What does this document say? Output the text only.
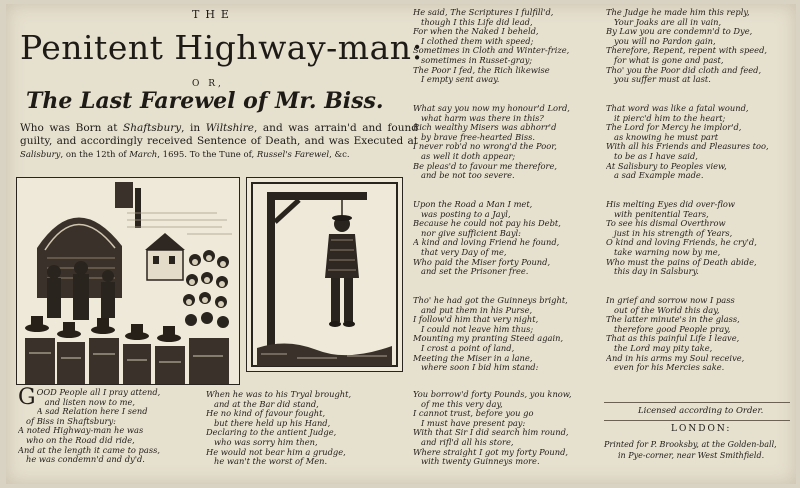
THE
Penitent Highway-man:
O R,
The Last Farewel of Mr. Biss.
Who was Born at Shaftsbury, in Wiltshire, and was arrain'd and found guilty, and accordingly received Sentence of Death, and was Executed at Salisbury, on the 12th of March, 1695. To the Tune of, Russel's Farewel, &c.
G OOD People all I pray attend,
and listen now to me,
A sad Relation here I send
of Biss in Shaftsbury:
A noted Highway-man he was
who on the Road did ride,
And at the length it came to pass,
he was condemn'd and dy'd.
When he was to his Tryal brought,
and at the Bar did stand,
He no kind of favour fought,
but there held up his Hand,
Declaring to the antient Judge,
who was sorry him then,
He would not bear him a grudge,
he wan't the worst of Men.
He said, The Scriptures I fulfill'd,
though I this Life did lead,
For when the Naked I beheld,
I clothed them with speed;
Sometimes in Cloth and Winter-frize,
sometimes in Russet-gray;
The Poor I fed, the Rich likewise
I empty sent away.
What say you now my honour'd Lord,
what harm was there in this?
Rich wealthy Misers was abhorr'd
by brave free-hearted Biss.
I never rob'd no wrong'd the Poor,
as well it doth appear;
Be pleas'd to favour me therefore,
and be not too severe.
Upon the Road a Man I met,
was posting to a Jayl,
Because he could not pay his Debt,
nor give sufficient Bayl:
A kind and loving Friend he found,
that very Day of me,
Who paid the Miser forty Pound,
and set the Prisoner free.
Tho' he had got the Guinneys bright,
and put them in his Purse,
I follow'd him that very night,
I could not leave him thus;
Mounting my pranting Steed again,
I crost a point of land,
Meeting the Miser in a lane,
where soon I bid him stand:
You borrow'd forty Pounds, you know,
of me this very day,
I cannot trust, before you go
I must have present pay:
With that Sir I did search him round,
and rifl'd all his store,
Where straight I got my forty Pound,
with twenty Guinneys more.
The Judge he made him this reply,
Your Joaks are all in vain,
By Law you are condemn'd to Dye,
you will no Pardon gain,
Therefore, Repent, repent with speed,
for what is gone and past,
Tho' you the Poor did cloth and feed,
you suffer must at last.
That word was like a fatal wound,
it pierc'd him to the heart;
The Lord for Mercy he implor'd,
as knowing he must part
With all his Friends and Pleasures too,
to be as I have said,
At Salisbury to Peoples view,
a sad Example made.
His melting Eyes did over-flow
with penitential Tears,
To see his dismal Overthrow
just in his strength of Years,
O kind and loving Friends, he cry'd,
take warning now by me,
Who must the pains of Death abide,
this day in Salsbury.
In grief and sorrow now I pass
out of the World this day,
The latter minute's in the glass,
therefore good People pray,
That as this painful Life I leave,
the Lord may pity take,
And in his arms my Soul receive,
even for his Mercies sake.
Licensed according to Order.
LONDON:
Printed for P. Brooksby, at the Golden-ball,
in Pye-corner, near West Smithfield.
